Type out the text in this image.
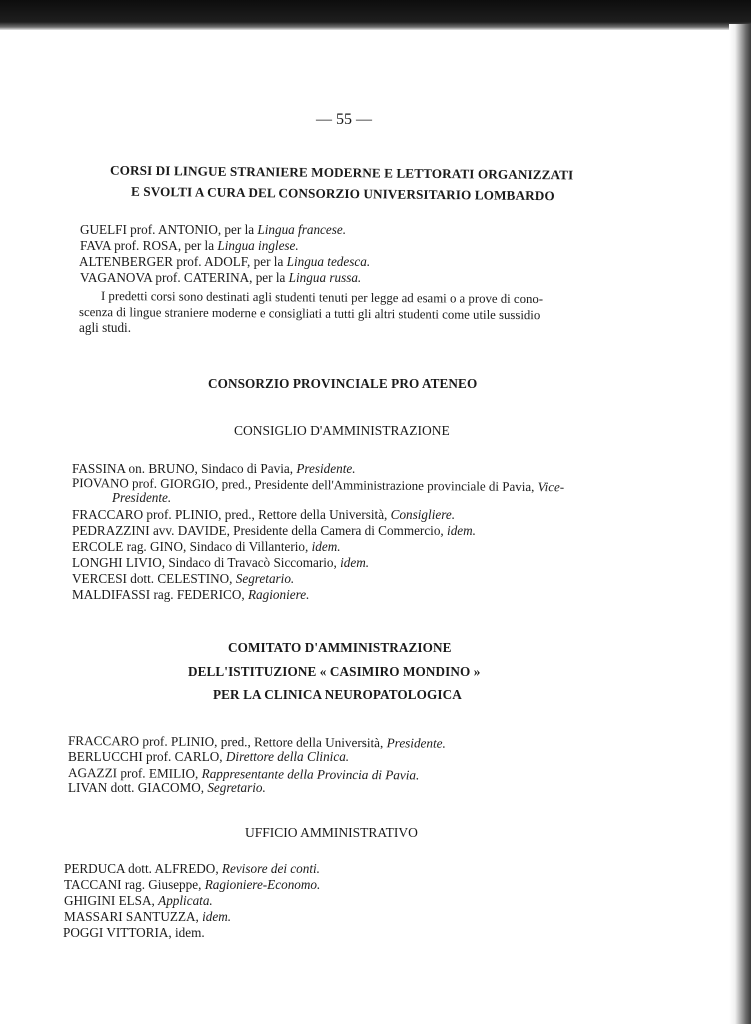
— 55 —
CORSI DI LINGUE STRANIERE MODERNE E LETTORATI ORGANIZZATI
E SVOLTI A CURA DEL CONSORZIO UNIVERSITARIO LOMBARDO
GUELFI prof. ANTONIO, per la Lingua francese.
FAVA prof. ROSA, per la Lingua inglese.
ALTENBERGER prof. ADOLF, per la Lingua tedesca.
VAGANOVA prof. CATERINA, per la Lingua russa.
I predetti corsi sono destinati agli studenti tenuti per legge ad esami o a prove di cono-
scenza di lingue straniere moderne e consigliati a tutti gli altri studenti come utile sussidio
agli studi.
CONSORZIO PROVINCIALE PRO ATENEO
CONSIGLIO D'AMMINISTRAZIONE
FASSINA on. BRUNO, Sindaco di Pavia, Presidente.
PIOVANO prof. GIORGIO, pred., Presidente dell'Amministrazione provinciale di Pavia, Vice-
Presidente.
FRACCARO prof. PLINIO, pred., Rettore della Università, Consigliere.
PEDRAZZINI avv. DAVIDE, Presidente della Camera di Commercio, idem.
ERCOLE rag. GINO, Sindaco di Villanterio, idem.
LONGHI LIVIO, Sindaco di Travacò Siccomario, idem.
VERCESI dott. CELESTINO, Segretario.
MALDIFASSI rag. FEDERICO, Ragioniere.
COMITATO D'AMMINISTRAZIONE
DELL'ISTITUZIONE « CASIMIRO MONDINO »
PER LA CLINICA NEUROPATOLOGICA
FRACCARO prof. PLINIO, pred., Rettore della Università, Presidente.
BERLUCCHI prof. CARLO, Direttore della Clinica.
AGAZZI prof. EMILIO, Rappresentante della Provincia di Pavia.
LIVAN dott. GIACOMO, Segretario.
UFFICIO AMMINISTRATIVO
PERDUCA dott. ALFREDO, Revisore dei conti.
TACCANI rag. Giuseppe, Ragioniere-Economo.
GHIGINI ELSA, Applicata.
MASSARI SANTUZZA, idem.
POGGI VITTORIA, idem.
